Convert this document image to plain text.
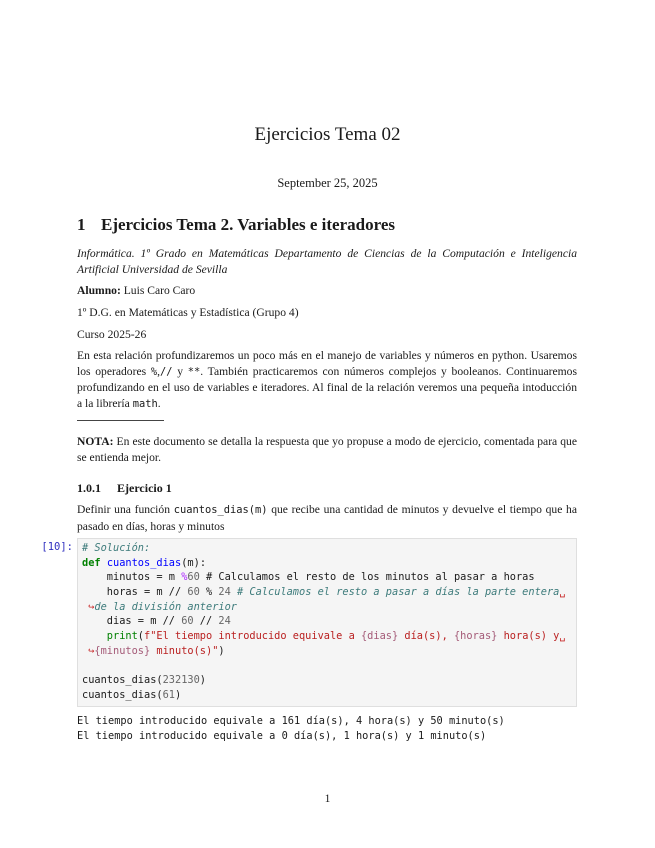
Ejercicios Tema 02
September 25, 2025
1 Ejercicios Tema 2. Variables e iteradores
Informática. 1º Grado en Matemáticas Departamento de Ciencias de la Computación e Inteligencia
Artificial Universidad de Sevilla
Alumno: Luis Caro Caro
1º D.G. en Matemáticas y Estadística (Grupo 4)
Curso 2025-26
En esta relación profundizaremos un poco más en el manejo de variables y números en python. Usaremos los operadores %,// y **. También practicaremos con números complejos y booleanos. Continuaremos profundizando en el uso de variables e iteradores. Al final de la relación veremos una pequeña intoducción a la librería math.
NOTA: En este documento se detalla la respuesta que yo propuse a modo de ejercicio, comentada para que se entienda mejor.
1.0.1 Ejercicio 1
Definir una función cuantos_dias(m) que recibe una cantidad de minutos y devuelve el tiempo que ha pasado en días, horas y minutos
[10]: # Solución:
def cuantos_dias(m):
minutos = m %60 # Calculamos el resto de los minutos al pasar a horas
horas = m // 60 % 24 # Calculamos el resto a pasar a días la parte entera␣
↪de la división anterior
dias = m // 60 // 24
print(f"El tiempo introducido equivale a {dias} día(s), {horas} hora(s) y␣
↪{minutos} minuto(s)")
cuantos_dias(232130)
cuantos_dias(61)
El tiempo introducido equivale a 161 día(s), 4 hora(s) y 50 minuto(s)
El tiempo introducido equivale a 0 día(s), 1 hora(s) y 1 minuto(s)
1
